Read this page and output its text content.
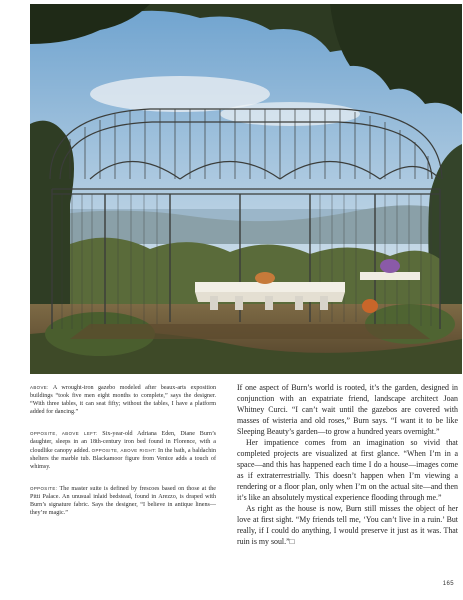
ABOVE: A wrought-iron gazebo modeled after beaux-arts exposition buildings “took five men eight months to complete,” says the designer. “With three tables, it can seat fifty; without the tables, I have a platform added for dancing.”

OPPOSITE, ABOVE LEFT: Six-year-old Adriana Eden, Diane Burn’s daughter, sleeps in an 18th-century iron bed found in Florence, with a cloudlike canopy added. OPPOSITE, ABOVE RIGHT: In the bath, a baldachin shelters the marble tub. Blackamoor figure from Venice adds a touch of whimsy.

OPPOSITE: The master suite is defined by frescoes based on those at the Pitti Palace. An unusual inlaid bedstead, found in Arezzo, is draped with Burn’s signature fabric. Says the designer, “I believe in antique linens—they’re magic.”

If one aspect of Burn’s world is rooted, it’s the garden, designed in conjunction with an expatriate friend, landscape architect Joan Whitney Curci. “I can’t wait until the gazebos are covered with masses of wisteria and old roses,” Burn says. “I want it to be like Sleeping Beauty’s garden—to grow a hundred years overnight.”

Her impatience comes from an imagination so vivid that completed projects are visualized at first glance. “When I’m in a space—and this has happened each time I do a house—images come as if extraterrestrially. This doesn’t happen when I’m viewing a rendering or a floor plan, only when I’m on the actual site—and then it’s like an absolutely mystical experience flooding through me.”

As right as the house is now, Burn still misses the object of her love at first sight. “My friends tell me, ‘You can’t live in a ruin.’ But really, if I could do anything, I would preserve it just as it was. That ruin is my soul.”□

165
